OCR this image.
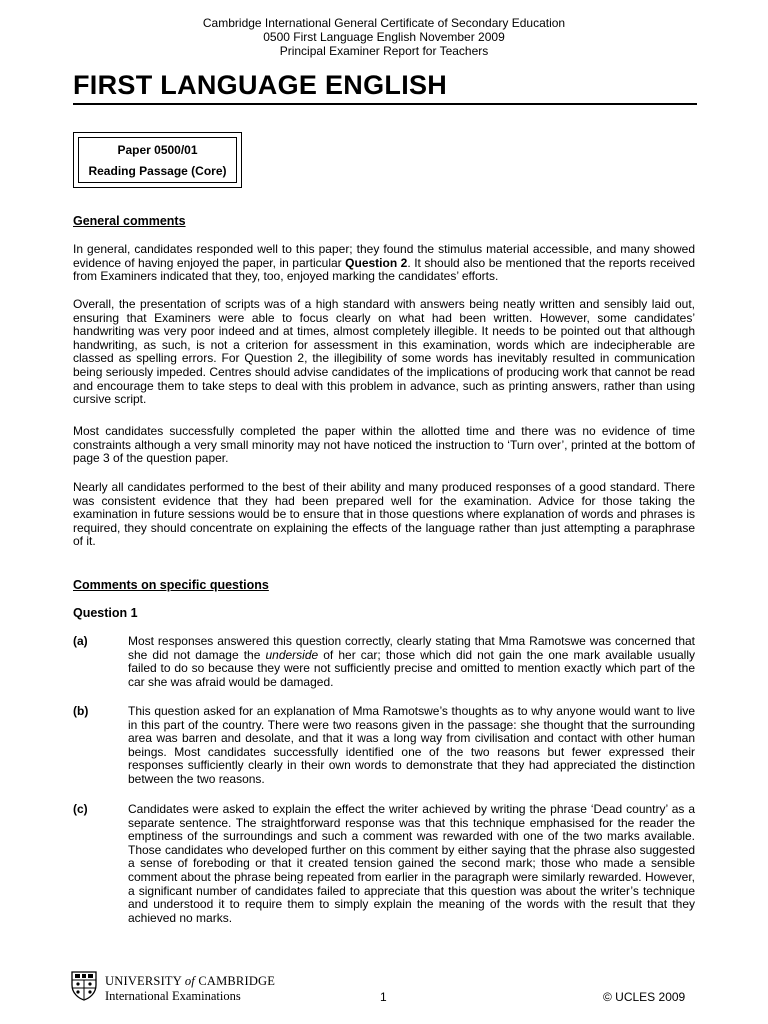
Cambridge International General Certificate of Secondary Education
0500 First Language English November 2009
Principal Examiner Report for Teachers
FIRST LANGUAGE ENGLISH
Paper 0500/01
Reading Passage (Core)
General comments
In general, candidates responded well to this paper; they found the stimulus material accessible, and many showed evidence of having enjoyed the paper, in particular Question 2. It should also be mentioned that the reports received from Examiners indicated that they, too, enjoyed marking the candidates’ efforts.
Overall, the presentation of scripts was of a high standard with answers being neatly written and sensibly laid out, ensuring that Examiners were able to focus clearly on what had been written. However, some candidates’ handwriting was very poor indeed and at times, almost completely illegible. It needs to be pointed out that although handwriting, as such, is not a criterion for assessment in this examination, words which are indecipherable are classed as spelling errors. For Question 2, the illegibility of some words has inevitably resulted in communication being seriously impeded. Centres should advise candidates of the implications of producing work that cannot be read and encourage them to take steps to deal with this problem in advance, such as printing answers, rather than using cursive script.
Most candidates successfully completed the paper within the allotted time and there was no evidence of time constraints although a very small minority may not have noticed the instruction to ‘Turn over’, printed at the bottom of page 3 of the question paper.
Nearly all candidates performed to the best of their ability and many produced responses of a good standard. There was consistent evidence that they had been prepared well for the examination. Advice for those taking the examination in future sessions would be to ensure that in those questions where explanation of words and phrases is required, they should concentrate on explaining the effects of the language rather than just attempting a paraphrase of it.
Comments on specific questions
Question 1
(a)	Most responses answered this question correctly, clearly stating that Mma Ramotswe was concerned that she did not damage the underside of her car; those which did not gain the one mark available usually failed to do so because they were not sufficiently precise and omitted to mention exactly which part of the car she was afraid would be damaged.
(b)	This question asked for an explanation of Mma Ramotswe’s thoughts as to why anyone would want to live in this part of the country. There were two reasons given in the passage: she thought that the surrounding area was barren and desolate, and that it was a long way from civilisation and contact with other human beings. Most candidates successfully identified one of the two reasons but fewer expressed their responses sufficiently clearly in their own words to demonstrate that they had appreciated the distinction between the two reasons.
(c)	Candidates were asked to explain the effect the writer achieved by writing the phrase ‘Dead country’ as a separate sentence. The straightforward response was that this technique emphasised for the reader the emptiness of the surroundings and such a comment was rewarded with one of the two marks available. Those candidates who developed further on this comment by either saying that the phrase also suggested a sense of foreboding or that it created tension gained the second mark; those who made a sensible comment about the phrase being repeated from earlier in the paragraph were similarly rewarded. However, a significant number of candidates failed to appreciate that this question was about the writer’s technique and understood it to require them to simply explain the meaning of the words with the result that they achieved no marks.
UNIVERSITY of CAMBRIDGE
International Examinations	1	© UCLES 2009
